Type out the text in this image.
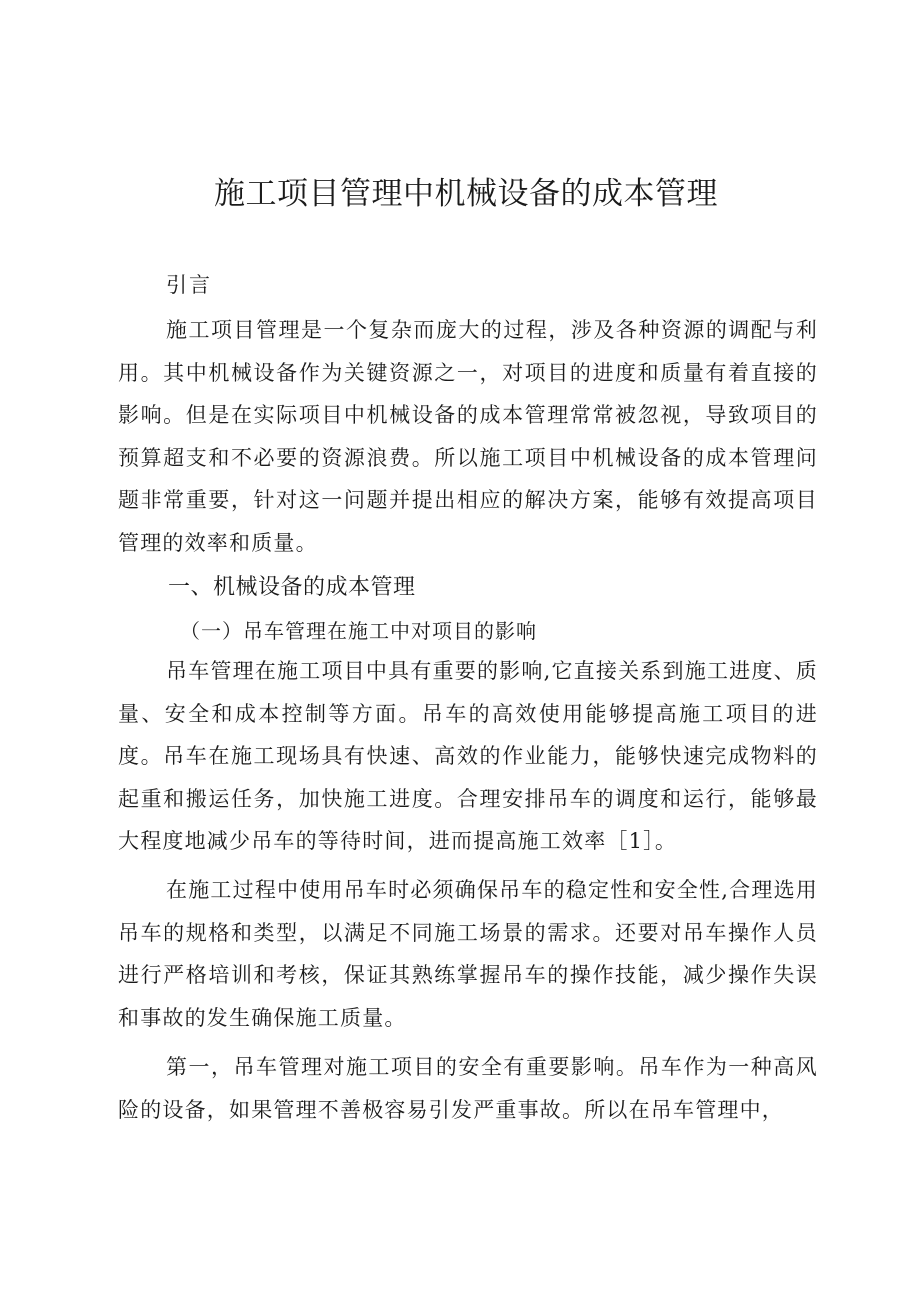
施工项目管理中机械设备的成本管理

引言

施工项目管理是一个复杂而庞大的过程，涉及各种资源的调配与利用。其中机械设备作为关键资源之一，对项目的进度和质量有着直接的影响。但是在实际项目中机械设备的成本管理常常被忽视，导致项目的预算超支和不必要的资源浪费。所以施工项目中机械设备的成本管理问题非常重要，针对这一问题并提出相应的解决方案，能够有效提高项目管理的效率和质量。

一、机械设备的成本管理
（一）吊车管理在施工中对项目的影响

吊车管理在施工项目中具有重要的影响,它直接关系到施工进度、质量、安全和成本控制等方面。吊车的高效使用能够提高施工项目的进度。吊车在施工现场具有快速、高效的作业能力，能够快速完成物料的起重和搬运任务，加快施工进度。合理安排吊车的调度和运行，能够最大程度地减少吊车的等待时间，进而提高施工效率［1］。

在施工过程中使用吊车时必须确保吊车的稳定性和安全性,合理选用吊车的规格和类型，以满足不同施工场景的需求。还要对吊车操作人员进行严格培训和考核，保证其熟练掌握吊车的操作技能，减少操作失误和事故的发生确保施工质量。

第一，吊车管理对施工项目的安全有重要影响。吊车作为一种高风险的设备，如果管理不善极容易引发严重事故。所以在吊车管理中，
